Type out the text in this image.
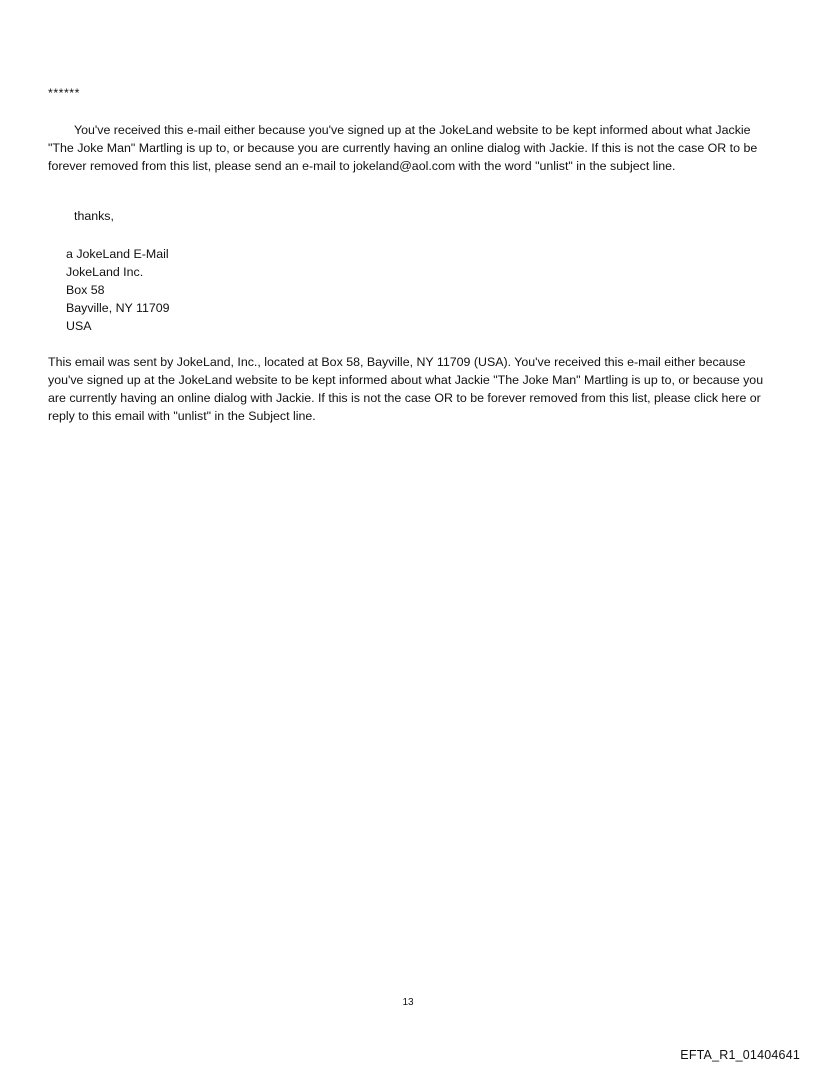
******
You've received this e-mail either because you've signed up at the JokeLand website to be kept informed about what Jackie "The Joke Man" Martling is up to, or because you are currently having an online dialog with Jackie. If this is not the case OR to be forever removed from this list, please send an e-mail to jokeland@aol.com with the word "unlist" in the subject line.
thanks,
a JokeLand E-Mail
JokeLand Inc.
Box 58
Bayville, NY 11709
USA
This email was sent by JokeLand, Inc., located at Box 58, Bayville, NY 11709 (USA). You've received this e-mail either because you've signed up at the JokeLand website to be kept informed about what Jackie "The Joke Man" Martling is up to, or because you are currently having an online dialog with Jackie. If this is not the case OR to be forever removed from this list, please click here or reply to this email with "unlist" in the Subject line.
13
EFTA_R1_01404641
